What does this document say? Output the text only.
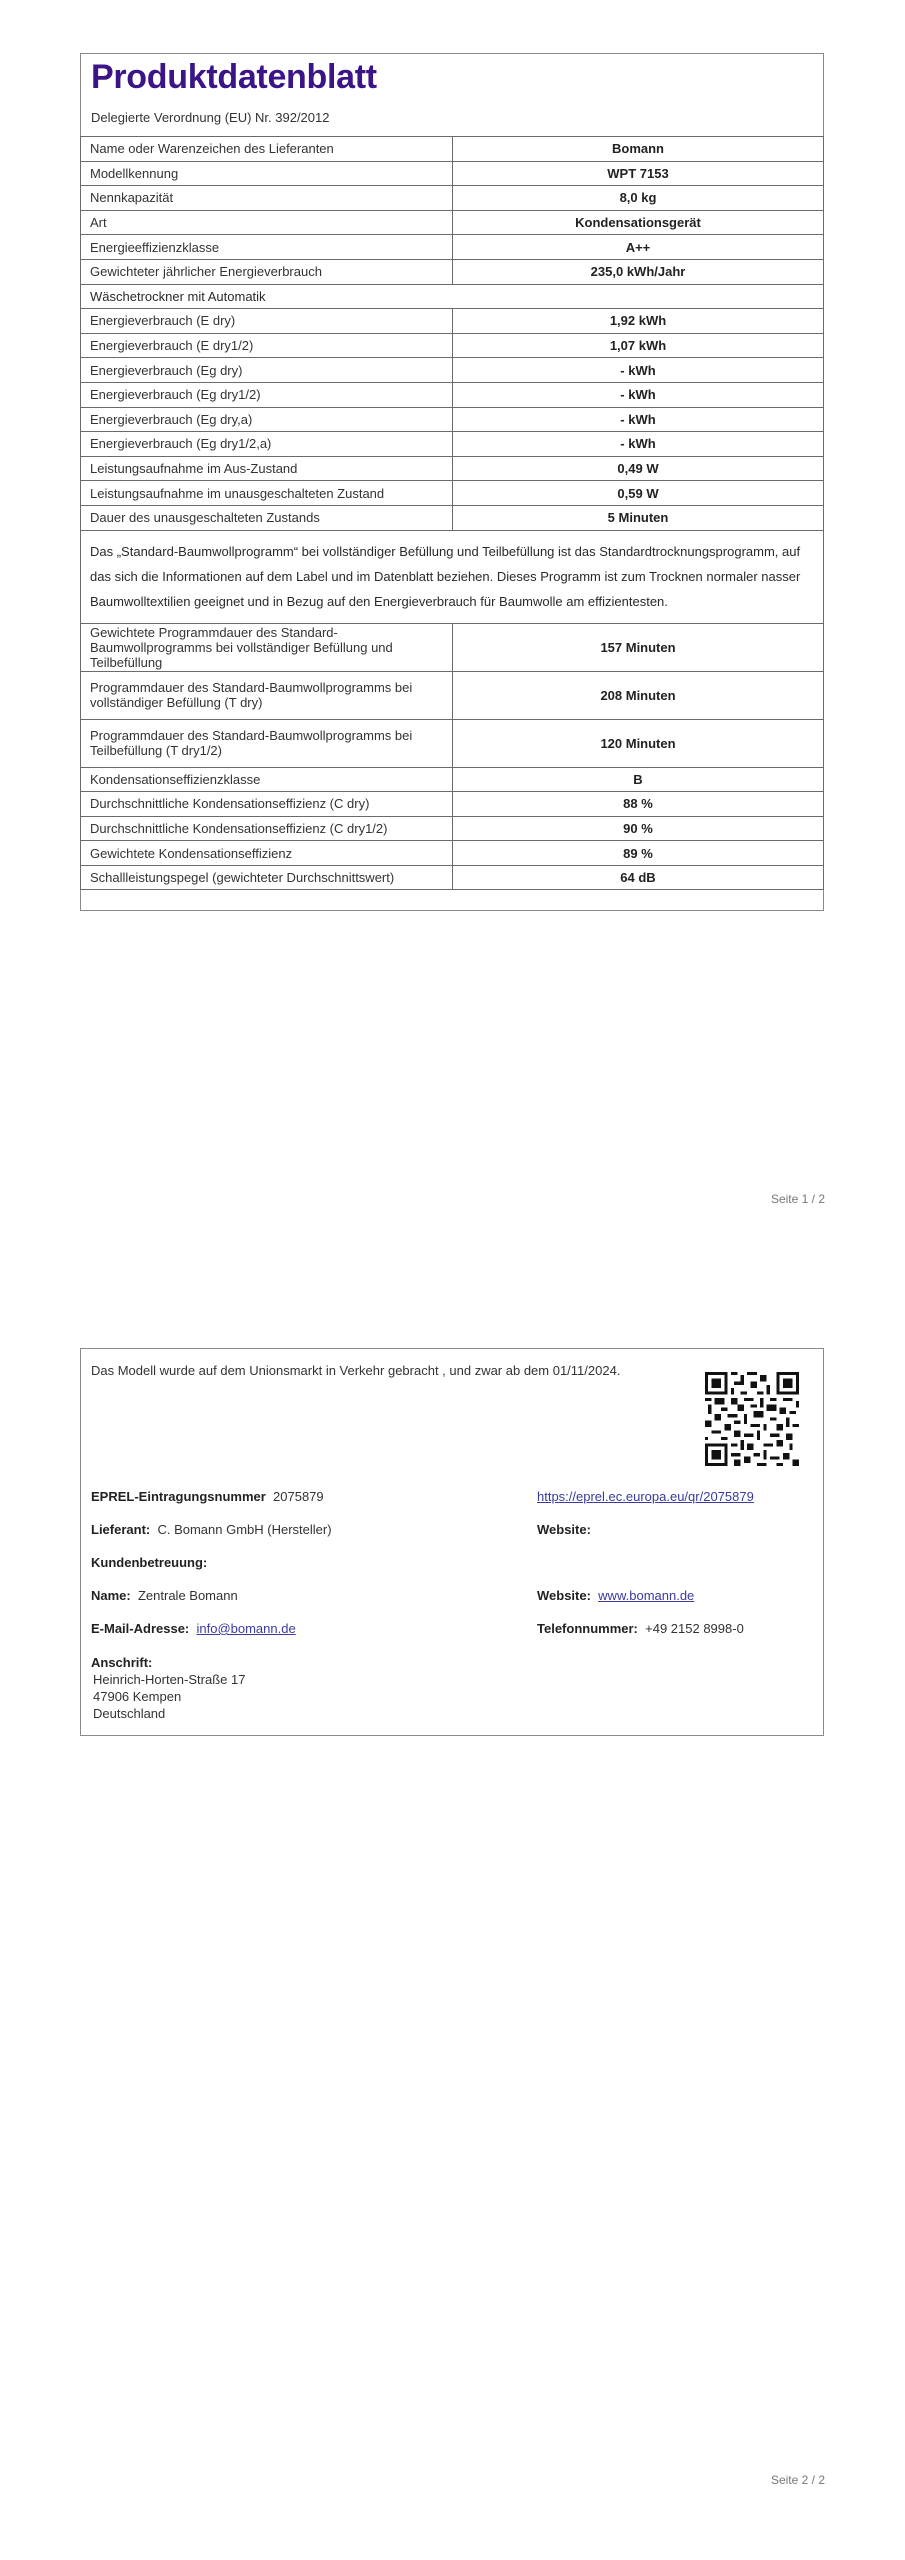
Produktdatenblatt
Delegierte Verordnung (EU) Nr. 392/2012
Name oder Warenzeichen des Lieferanten	Bomann
Modellkennung	WPT 7153
Nennkapazität	8,0 kg
Art	Kondensationsgerät
Energieeffizienzklasse	A++
Gewichteter jährlicher Energieverbrauch	235,0 kWh/Jahr
Wäschetrockner mit Automatik	
Energieverbrauch (E dry)	1,92 kWh
Energieverbrauch (E dry1/2)	1,07 kWh
Energieverbrauch (Eg dry)	- kWh
Energieverbrauch (Eg dry1/2)	- kWh
Energieverbrauch (Eg dry,a)	- kWh
Energieverbrauch (Eg dry1/2,a)	- kWh
Leistungsaufnahme im Aus-Zustand	0,49 W
Leistungsaufnahme im unausgeschalteten Zustand	0,59 W
Dauer des unausgeschalteten Zustands	5 Minuten
Das „Standard-Baumwollprogramm“ bei vollständiger Befüllung und Teilbefüllung ist das Standardtrocknungsprogramm, auf das sich die Informationen auf dem Label und im Datenblatt beziehen. Dieses Programm ist zum Trocknen normaler nasser Baumwolltextilien geeignet und in Bezug auf den Energieverbrauch für Baumwolle am effizientesten.	
Gewichtete Programmdauer des Standard-Baumwollprogramms bei vollständiger Befüllung und Teilbefüllung	157 Minuten
Programmdauer des Standard-Baumwollprogramms bei vollständiger Befüllung (T dry)	208 Minuten
Programmdauer des Standard-Baumwollprogramms bei Teilbefüllung (T dry1/2)	120 Minuten
Kondensationseffizienzklasse	B
Durchschnittliche Kondensationseffizienz (C dry)	88 %
Durchschnittliche Kondensationseffizienz (C dry1/2)	90 %
Gewichtete Kondensationseffizienz	89 %
Schallleistungspegel (gewichteter Durchschnittswert)	64 dB
Seite 1 / 2
Das Modell wurde auf dem Unionsmarkt in Verkehr gebracht , und zwar ab dem 01/11/2024.
EPREL-Eintragungsnummer 2075879	https://eprel.ec.europa.eu/qr/2075879
Lieferant: C. Bomann GmbH (Hersteller)	Website:
Kundenbetreuung:
Name: Zentrale Bomann	Website: www.bomann.de
E-Mail-Adresse: info@bomann.de	Telefonnummer: +49 2152 8998-0
Anschrift:
Heinrich-Horten-Straße 17
47906 Kempen
Deutschland
Seite 2 / 2
